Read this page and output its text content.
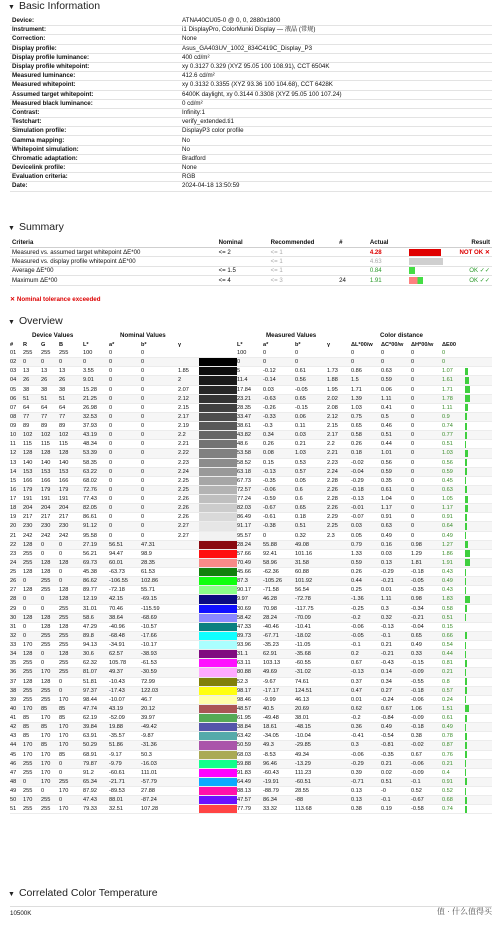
▼ Basic Information
Device:	ATNA40CU05-0 @ 0, 0, 2880x1800
Instrument:	i1 DisplayPro, ColorMunki Display — 液晶 (常规)
Correction:	None
Display profile:	Asus_GA403UV_1002_834C419C_Display_P3
Display profile luminance:	400 cd/m²
Display profile whitepoint:	xy 0.3127 0.329 (XYZ 95.05 100 108.91), CCT 6504K
Measured luminance:	412.6 cd/m²
Measured whitepoint:	xy 0.3132 0.3355 (XYZ 93.36 100 104.68), CCT 6428K
Assumed target whitepoint:	6400K daylight, xy 0.3144 0.3308 (XYZ 95.05 100 107.24)
Measured black luminance:	0 cd/m²
Contrast:	Infinity:1
Testchart:	verify_extended.ti1
Simulation profile:	DisplayP3 color profile
Gamma mapping:	No
Whitepoint simulation:	No
Chromatic adaptation:	Bradford
Devicelink profile:	None
Evaluation criteria:	RGB
Date:	2024-04-18 13:50:59
▼ Summary
Criteria	Nominal	Recommended	#	Actual		Result
Measured vs. assumed target whitepoint ΔE*00	<= 2	<= 1		4.28		NOT OK ✕
Measured vs. display profile whitepoint ΔE*00		<= 1		4.63	

Average ΔE*00	<= 1.5	<= 1		0.84		OK ✓✓
Maximum ΔE*00	<= 4	<= 3	24	1.91		OK ✓✓
✕ Nominal tolerance exceeded
▼ Overview
Device Values	Nominal Values	Measured Values	Color distance
#	R	G	B	L*	a*	b*	γ		L*	a*	b*	γ	ΔL*00/w	ΔC*00/w	ΔH*00/w	ΔE00	
01	255	255	255	100	0	0			100	0	0		0	0	0	0	

02	0	0	0	0	0	0			0	0	0		0	0	0	0	

03	13	13	13	3.55	0	0	1.85		5	-0.12	0.61	1.73	0.86	0.63	0	1.07	

04	26	26	26	9.01	0	0	2		11.4	-0.14	0.56	1.88	1.5	0.59	0	1.61	

05	38	38	38	15.28	0	0	2.07		17.84	0.03	-0.05	1.95	1.71	0.06	0	1.71	

06	51	51	51	21.25	0	0	2.12		23.21	-0.63	0.65	2.02	1.39	1.11	0	1.78	

07	64	64	64	26.98	0	0	2.15		28.35	-0.26	-0.15	2.08	1.03	0.41	0	1.11	

08	77	77	77	32.53	0	0	2.17		33.47	-0.33	0.06	2.12	0.75	0.5	0	0.9	

09	89	89	89	37.93	0	0	2.19		38.61	-0.3	0.11	2.15	0.65	0.46	0	0.74	

10	102	102	102	43.19	0	0	2.2		43.82	0.34	0.03	2.17	0.58	0.51	0	0.77	

11	115	115	115	48.34	0	0	2.21		48.6	0.26	0.21	2.2	0.26	0.44	0	0.51	

12	128	128	128	53.39	0	0	2.22		53.58	0.08	1.03	2.21	0.18	1.01	0	1.03	

13	140	140	140	58.35	0	0	2.23		58.52	0.15	0.53	2.23	-0.02	0.56	0	0.56	

14	153	153	153	63.22	0	0	2.24		63.18	-0.13	0.57	2.24	-0.04	0.59	0	0.59	

15	166	166	166	68.02	0	0	2.25		67.73	-0.35	0.05	2.28	-0.29	0.35	0	0.45	

16	179	179	179	72.76	0	0	2.25		72.57	-0.06	0.6	2.26	-0.18	0.61	0	0.63	

17	191	191	191	77.43	0	0	2.26		77.24	-0.59	0.6	2.28	-0.13	1.04	0	1.05	

18	204	204	204	82.05	0	0	2.26		82.03	-0.67	0.65	2.26	-0.01	1.17	0	1.17	

19	217	217	217	86.61	0	0	2.26		86.49	-0.61	0.18	2.29	-0.07	0.91	0	0.91	

20	230	230	230	91.12	0	0	2.27		91.17	-0.38	0.51	2.25	0.03	0.63	0	0.64	

21	242	242	242	95.58	0	0	2.27		95.57	0	0.32	2.3	0.05	0.49	0	0.49	

22	128	0	0	27.19	56.51	47.31			28.24	55.88	49.08		0.79	0.16	0.98	1.27	

23	255	0	0	56.21	94.47	98.9			57.66	92.41	101.16		1.33	0.03	1.29	1.86	

24	255	128	128	69.73	60.01	28.35			70.49	58.96	31.58		0.59	0.13	1.81	1.91	

25	128	128	0	45.38	-63.73	61.53			45.66	-62.36	60.88		0.26	-0.29	-0.18	0.43	

26	0	255	0	86.62	-106.55	102.86			87.3	-105.26	101.92		0.44	-0.21	-0.05	0.49	

27	128	255	128	89.77	-72.18	55.71			90.17	-71.58	56.54		0.25	0.01	-0.35	0.43	

28	0	0	128	12.19	42.15	-69.15			9.97	46.28	-72.78		-1.36	1.11	0.98	1.83	

29	0	0	255	31.01	70.46	-115.59			30.69	70.98	-117.75		-0.25	0.3	-0.34	0.58	

30	128	128	255	58.6	38.64	-68.69			58.42	28.24	-70.09		-0.2	0.32	-0.21	0.51	

31	0	128	128	47.29	-40.96	-10.57			47.33	-40.46	-10.41		-0.06	-0.13	-0.04	0.15	

32	0	255	255	89.8	-68.48	-17.66			89.73	-67.71	-18.02		-0.05	-0.1	0.65	0.66	

33	170	255	255	94.13	-34.91	-10.17			93.96	-35.23	-11.05		-0.1	0.21	0.49	0.54	

34	128	0	128	30.6	62.57	-38.93			31.1	62.91	-35.68		0.2	-0.21	0.33	0.44	

35	255	0	255	62.32	105.78	-61.53			63.11	103.13	-60.55		0.67	-0.43	-0.15	0.81	

36	255	170	255	81.07	49.37	-30.59			80.88	49.69	-31.02		-0.13	0.14	-0.09	0.21	

37	128	128	0	51.81	-10.43	72.99			52.3	-9.67	74.61		0.37	0.34	-0.55	0.8	

38	255	255	0	97.37	-17.43	122.03			98.17	-17.17	124.51		0.47	0.27	-0.18	0.57	

39	255	255	170	98.44	-10.07	46.7			98.46	-9.99	46.13		0.01	-0.24	-0.06	0.24	

40	170	85	85	47.74	43.19	20.12			48.57	40.5	20.69		0.62	0.67	1.06	1.51	

41	85	170	85	62.19	-52.09	39.97			61.95	-49.48	38.01		-0.2	-0.84	-0.09	0.61	

42	85	85	170	39.84	19.88	-49.42			38.84	18.61	-48.15		0.36	0.49	-0.18	0.49	

43	85	170	170	63.91	-35.57	-9.87			63.42	-34.05	-10.04		-0.41	-0.54	0.38	0.78	

44	170	85	170	50.29	51.86	-31.36			50.59	49.3	-29.85		0.3	-0.81	-0.02	0.87	

45	170	170	85	68.91	-9.17	50.3			68.03	-8.53	49.34		-0.06	-0.35	0.67	0.76	

46	255	170	0	79.87	-9.79	-16.03			59.88	96.46	-13.29		-0.29	0.21	-0.06	0.21	

47	255	170	0	91.2	-60.61	111.01			91.83	-60.43	111.23		0.39	0.02	-0.09	0.4	

48	0	170	255	65.34	-21.71	-57.79			64.49	-19.91	-60.51		-0.71	0.51	-0.1	0.91	

49	255	0	170	87.92	-89.53	27.88			88.13	-88.79	28.55		0.13	-0	0.52	0.52	

50	170	255	0	47.43	88.01	-87.24			47.57	86.34	-88		0.13	-0.1	-0.67	0.68	

51	255	255	170	79.33	32.51	107.28			77.79	33.32	113.68		0.38	0.19	-0.58	0.74	
▼ Correlated Color Temperature
10500K	值 · 什么值得买
